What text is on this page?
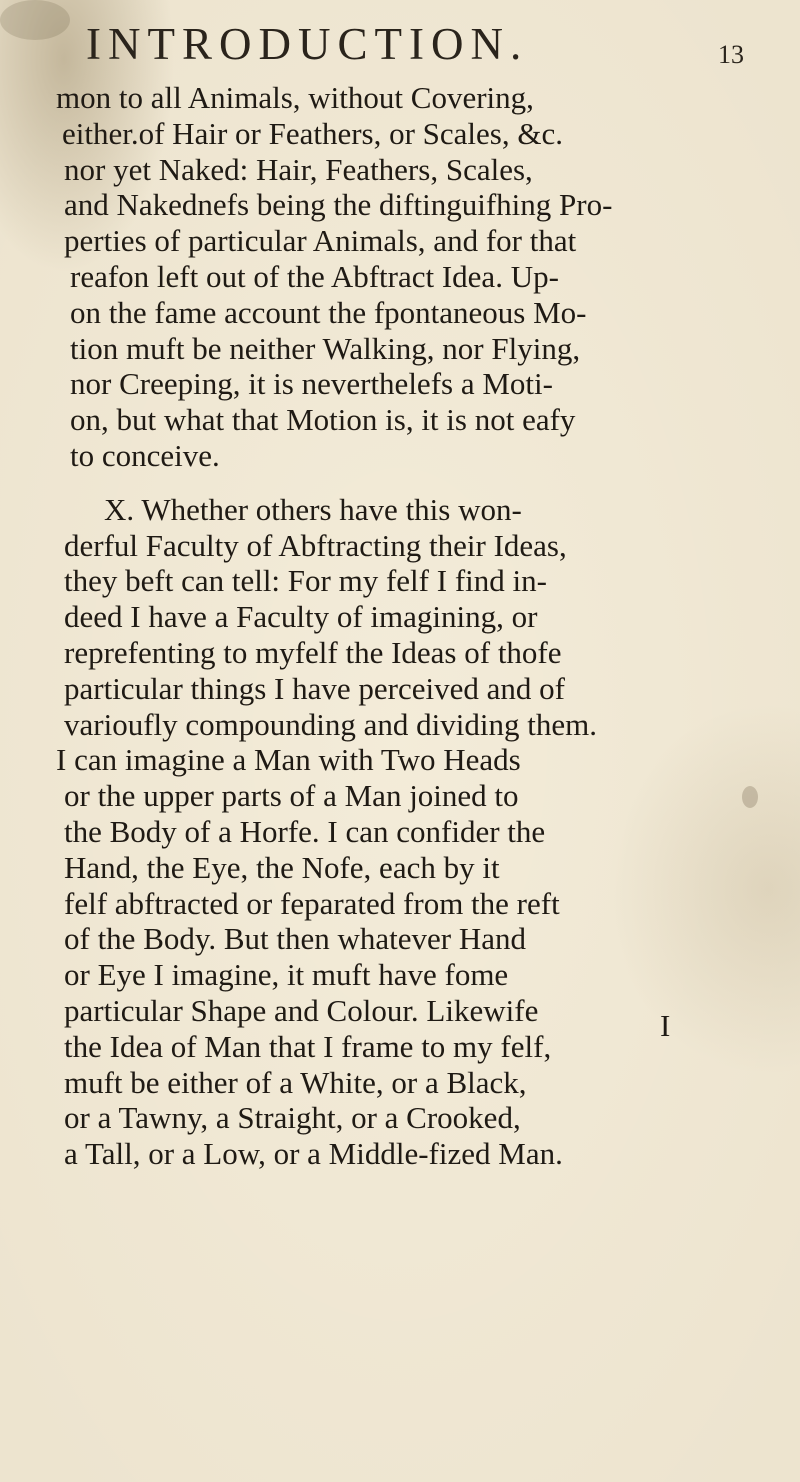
INTRODUCTION.	13
mon to all Animals, without Covering,
either.of Hair or Feathers, or Scales, &c.
nor yet Naked: Hair, Feathers, Scales,
and Nakednefs being the diftinguifhing Pro-
perties of particular Animals, and for that
reafon left out of the Abftract Idea. Up-
on the fame account the fpontaneous Mo-
tion muft be neither Walking, nor Flying,
nor Creeping, it is neverthelefs a Moti-
on, but what that Motion is, it is not eafy
to conceive.
X. Whether others have this won-
derful Faculty of Abftracting their Ideas,
they beft can tell: For my felf I find in-
deed I have a Faculty of imagining, or
reprefenting to myfelf the Ideas of thofe
particular things I have perceived and of
varioufly compounding and dividing them.
I can imagine a Man with Two Heads
or the upper parts of a Man joined to
the Body of a Horfe. I can confider the
Hand, the Eye, the Nofe, each by it
felf abftracted or feparated from the reft
of the Body. But then whatever Hand
or Eye I imagine, it muft have fome
particular Shape and Colour. Likewife
the Idea of Man that I frame to my felf,
muft be either of a White, or a Black,
or a Tawny, a Straight, or a Crooked,
a Tall, or a Low, or a Middle-fized Man.
I
